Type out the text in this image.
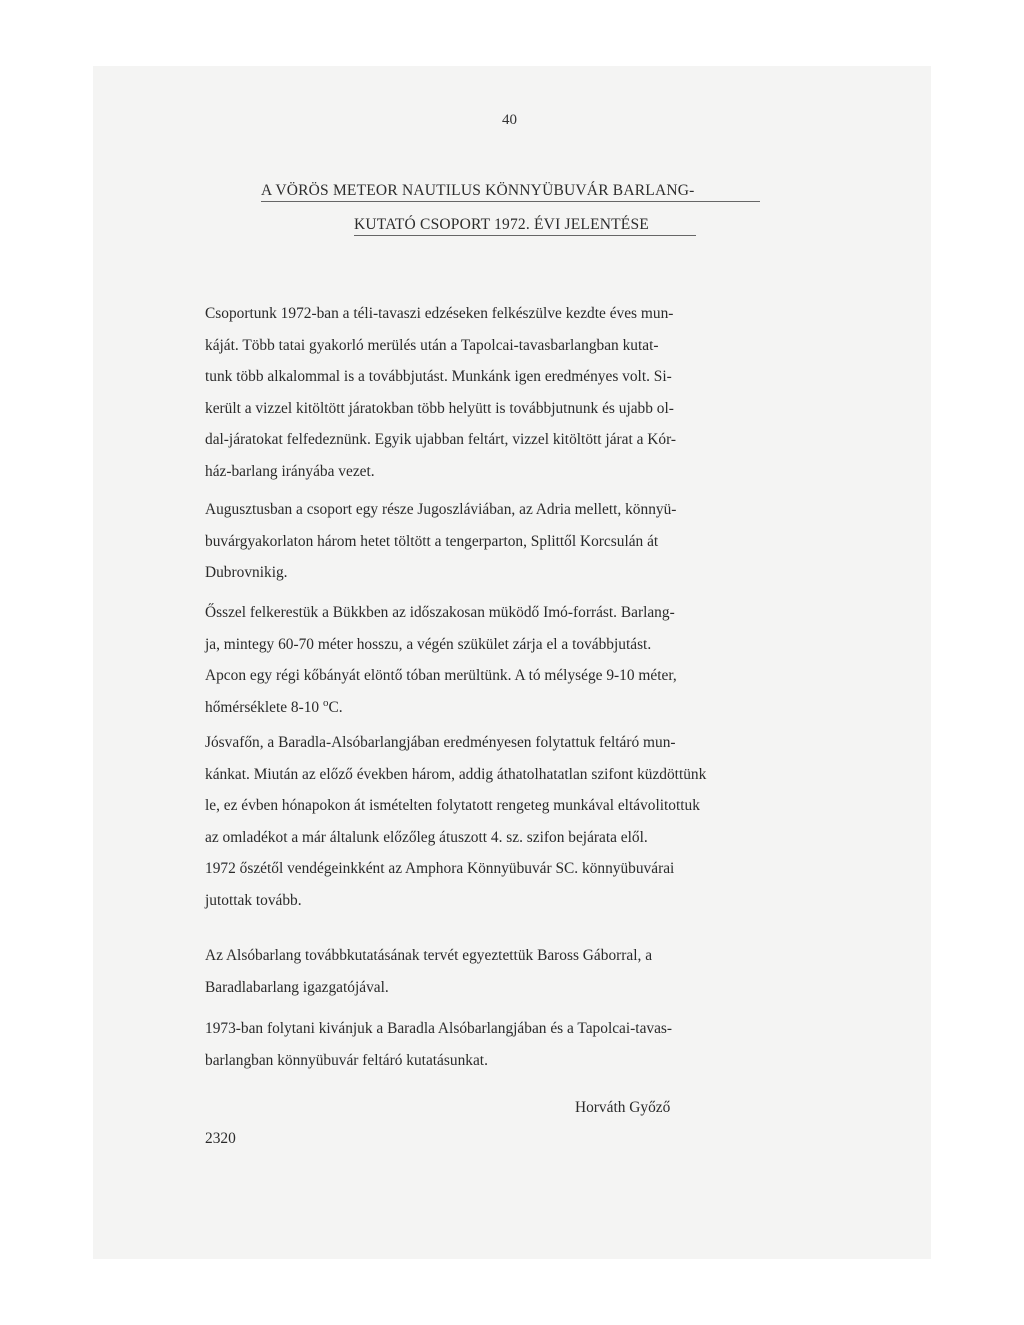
40
A VÖRÖS METEOR NAUTILUS KÖNNYÜBUVÁR BARLANG-
KUTATÓ CSOPORT 1972. ÉVI JELENTÉSE
Csoportunk 1972-ban a téli-tavaszi edzéseken felkészülve kezdte éves mun-
káját. Több tatai gyakorló merülés után a Tapolcai-tavasbarlangban kutat-
tunk több alkalommal is a továbbjutást. Munkánk igen eredményes volt. Si-
került a vizzel kitöltött járatokban több helyütt is továbbjutnunk és ujabb ol-
dal-járatokat felfedeznünk. Egyik ujabban feltárt, vizzel kitöltött járat a Kór-
ház-barlang irányába vezet.
Augusztusban a csoport egy része Jugoszláviában, az Adria mellett, könnyü-
buvárgyakorlaton három hetet töltött a tengerparton, Splittől Korcsulán át
Dubrovnikig.
Ősszel felkerestük a Bükkben az időszakosan müködő Imó-forrást. Barlang-
ja, mintegy 60-70 méter hosszu, a végén szükület zárja el a továbbjutást.
Apcon egy régi kőbányát elöntő tóban merültünk. A tó mélysége 9-10 méter,
hőmérséklete 8-10 $^o$C.
Jósvafőn, a Baradla-Alsóbarlangjában eredményesen folytattuk feltáró mun-
kánkat. Miután az előző években három, addig áthatolhatatlan szifont küzdöttünk
le, ez évben hónapokon át ismételten folytatott rengeteg munkával eltávolitottuk
az omladékot a már általunk előzőleg átuszott 4. sz. szifon bejárata elől.
1972 őszétől vendégeinkként az Amphora Könnyübuvár SC. könnyübuvárai
jutottak tovább.
Az Alsóbarlang továbbkutatásának tervét egyeztettük Baross Gáborral, a
Baradlabarlang igazgatójával.
1973-ban folytani kivánjuk a Baradla Alsóbarlangjában és a Tapolcai-tavas-
barlangban könnyübuvár feltáró kutatásunkat.
Horváth Győző
2320
